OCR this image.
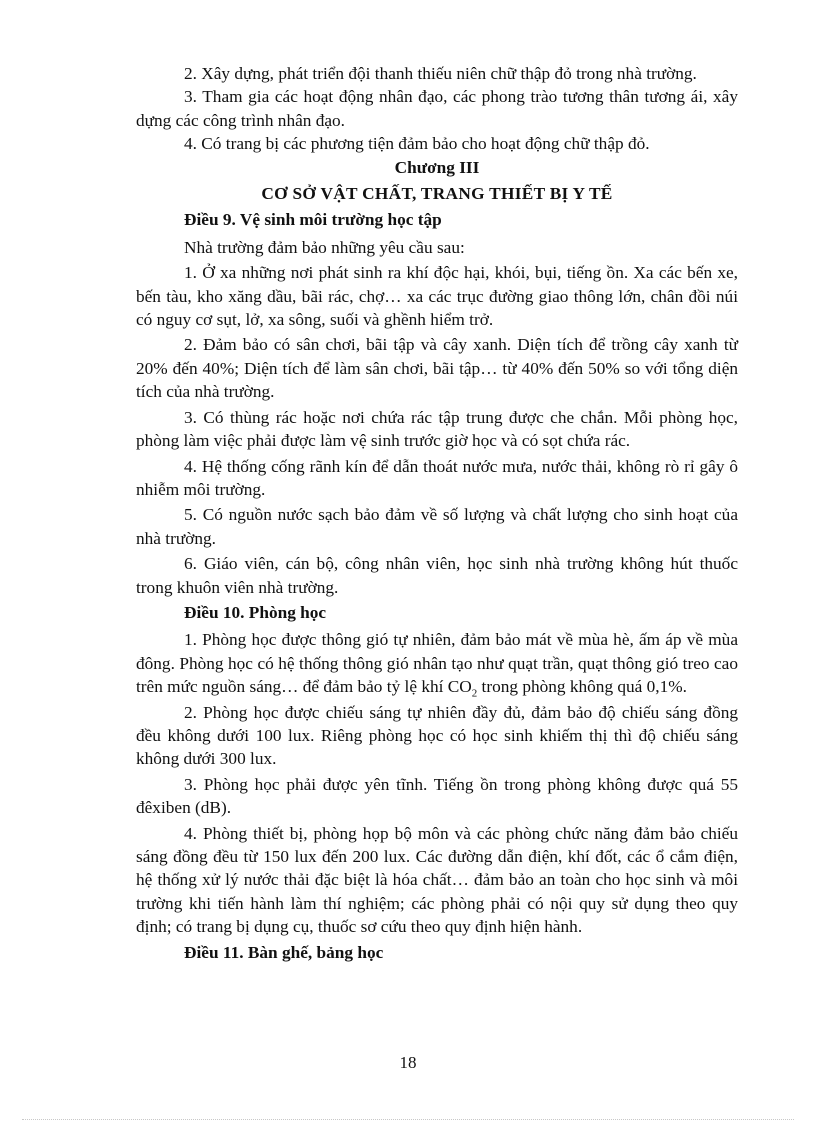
2. Xây dựng, phát triển đội thanh thiếu niên chữ thập đỏ trong nhà trường.

3. Tham gia các hoạt động nhân đạo, các phong trào tương thân tương ái, xây dựng các công trình nhân đạo.

4. Có trang bị các phương tiện đảm bảo cho hoạt động chữ thập đỏ.

Chương III
CƠ SỞ VẬT CHẤT, TRANG THIẾT BỊ Y TẾ
Điều 9. Vệ sinh môi trường học tập

Nhà trường đảm bảo những yêu cầu sau:

1. Ở xa những nơi phát sinh ra khí độc hại, khói, bụi, tiếng ồn. Xa các bến xe, bến tàu, kho xăng dầu, bãi rác, chợ… xa các trục đường giao thông lớn, chân đồi núi có nguy cơ sụt, lở, xa sông, suối và ghềnh hiểm trở.

2. Đảm bảo có sân chơi, bãi tập và cây xanh. Diện tích để trồng cây xanh từ 20% đến 40%; Diện tích để làm sân chơi, bãi tập… từ 40% đến 50% so với tổng diện tích của nhà trường.

3. Có thùng rác hoặc nơi chứa rác tập trung được che chắn. Mỗi phòng học, phòng làm việc phải được làm vệ sinh trước giờ học và có sọt chứa rác.

4. Hệ thống cống rãnh kín để dẫn thoát nước mưa, nước thải, không rò rỉ gây ô nhiễm môi trường.

5. Có nguồn nước sạch bảo đảm về số lượng và chất lượng cho sinh hoạt của nhà trường.

6. Giáo viên, cán bộ, công nhân viên, học sinh nhà trường không hút thuốc trong khuôn viên nhà trường.

Điều 10. Phòng học

1. Phòng học được thông gió tự nhiên, đảm bảo mát về mùa hè, ấm áp về mùa đông. Phòng học có hệ thống thông gió nhân tạo như quạt trần, quạt thông gió treo cao trên mức nguồn sáng… để đảm bảo tỷ lệ khí $CO_2$ trong phòng không quá 0,1%.

2. Phòng học được chiếu sáng tự nhiên đầy đủ, đảm bảo độ chiếu sáng đồng đều không dưới 100 lux. Riêng phòng học có học sinh khiếm thị thì độ chiếu sáng không dưới 300 lux.

3. Phòng học phải được yên tĩnh. Tiếng ồn trong phòng không được quá 55 đêxiben (dB).

4. Phòng thiết bị, phòng họp bộ môn và các phòng chức năng đảm bảo chiếu sáng đồng đều từ 150 lux đến 200 lux. Các đường dẫn điện, khí đốt, các ổ cắm điện, hệ thống xử lý nước thải đặc biệt là hóa chất… đảm bảo an toàn cho học sinh và môi trường khi tiến hành làm thí nghiệm; các phòng phải có nội quy sử dụng theo quy định; có trang bị dụng cụ, thuốc sơ cứu theo quy định hiện hành.

Điều 11. Bàn ghế, bảng học
18
